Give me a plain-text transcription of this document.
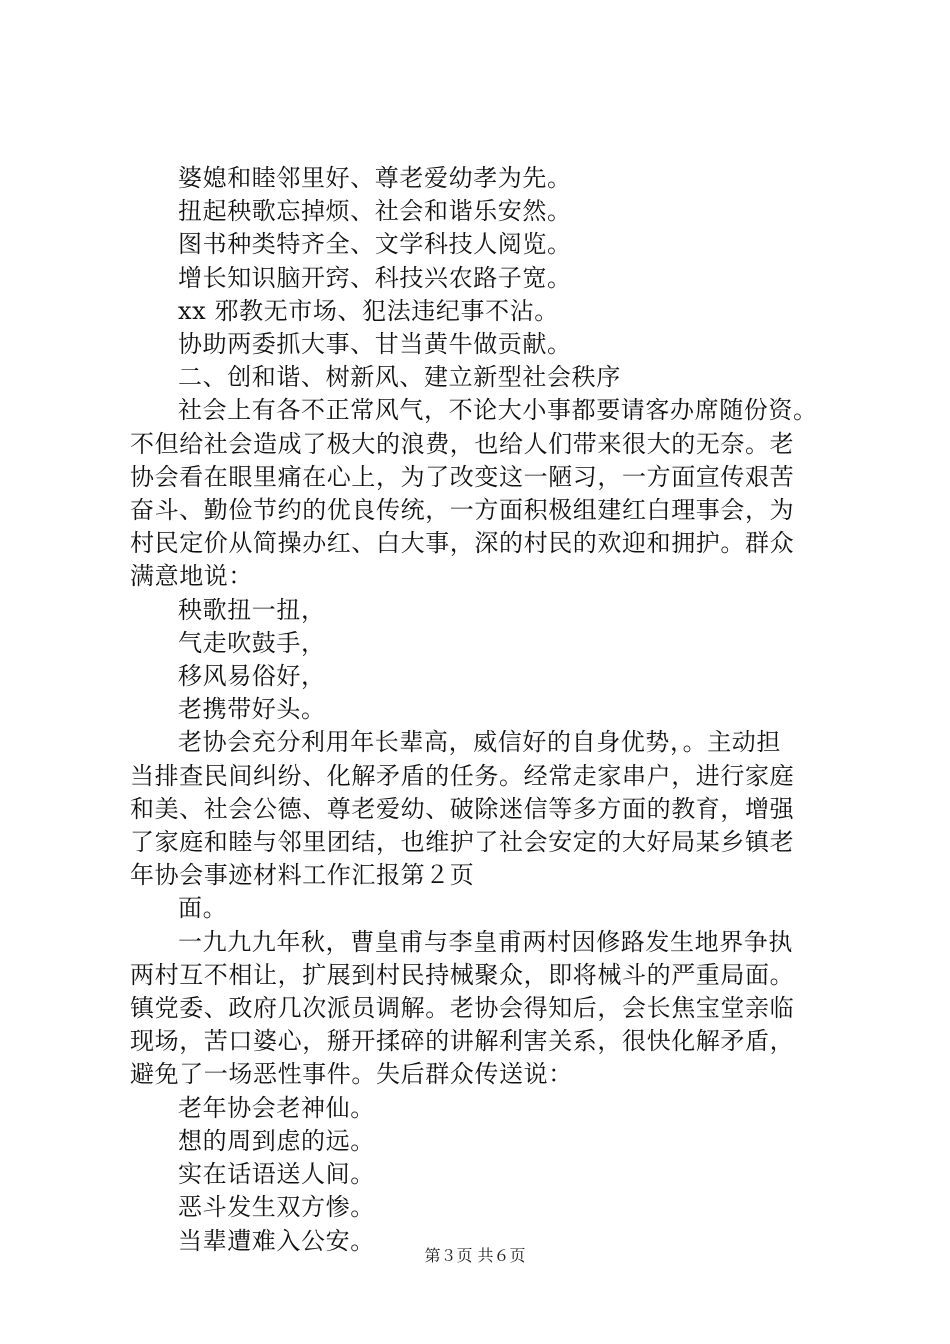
婆媳和睦邻里好、尊老爱幼孝为先。

扭起秧歌忘掉烦、社会和谐乐安然。

图书种类特齐全、文学科技人阅览。

增长知识脑开窍、科技兴农路子宽。

xx 邪教无市场、犯法违纪事不沾。

协助两委抓大事、甘当黄牛做贡献。

二、创和谐、树新风、建立新型社会秩序

社会上有各不正常风气，不论大小事都要请客办席随份资。

不但给社会造成了极大的浪费，也给人们带来很大的无奈。老

协会看在眼里痛在心上，为了改变这一陋习，一方面宣传艰苦

奋斗、勤俭节约的优良传统，一方面积极组建红白理事会，为

村民定价从简操办红、白大事，深的村民的欢迎和拥护。群众

满意地说：

秧歌扭一扭，

气走吹鼓手，

移风易俗好，

老携带好头。

老协会充分利用年长辈高，威信好的自身优势，。主动担

当排查民间纠纷、化解矛盾的任务。经常走家串户，进行家庭

和美、社会公德、尊老爱幼、破除迷信等多方面的教育，增强

了家庭和睦与邻里团结，也维护了社会安定的大好局某乡镇老

年协会事迹材料工作汇报第２页

面。

一九九九年秋，曹皇甫与李皇甫两村因修路发生地界争执

两村互不相让，扩展到村民持械聚众，即将械斗的严重局面。

镇党委、政府几次派员调解。老协会得知后，会长焦宝堂亲临

现场，苦口婆心，掰开揉碎的讲解利害关系，很快化解矛盾，

避免了一场恶性事件。失后群众传送说：

老年协会老神仙。

想的周到虑的远。

实在话语送人间。

恶斗发生双方惨。

当辈遭难入公安。

第３页 共６页
